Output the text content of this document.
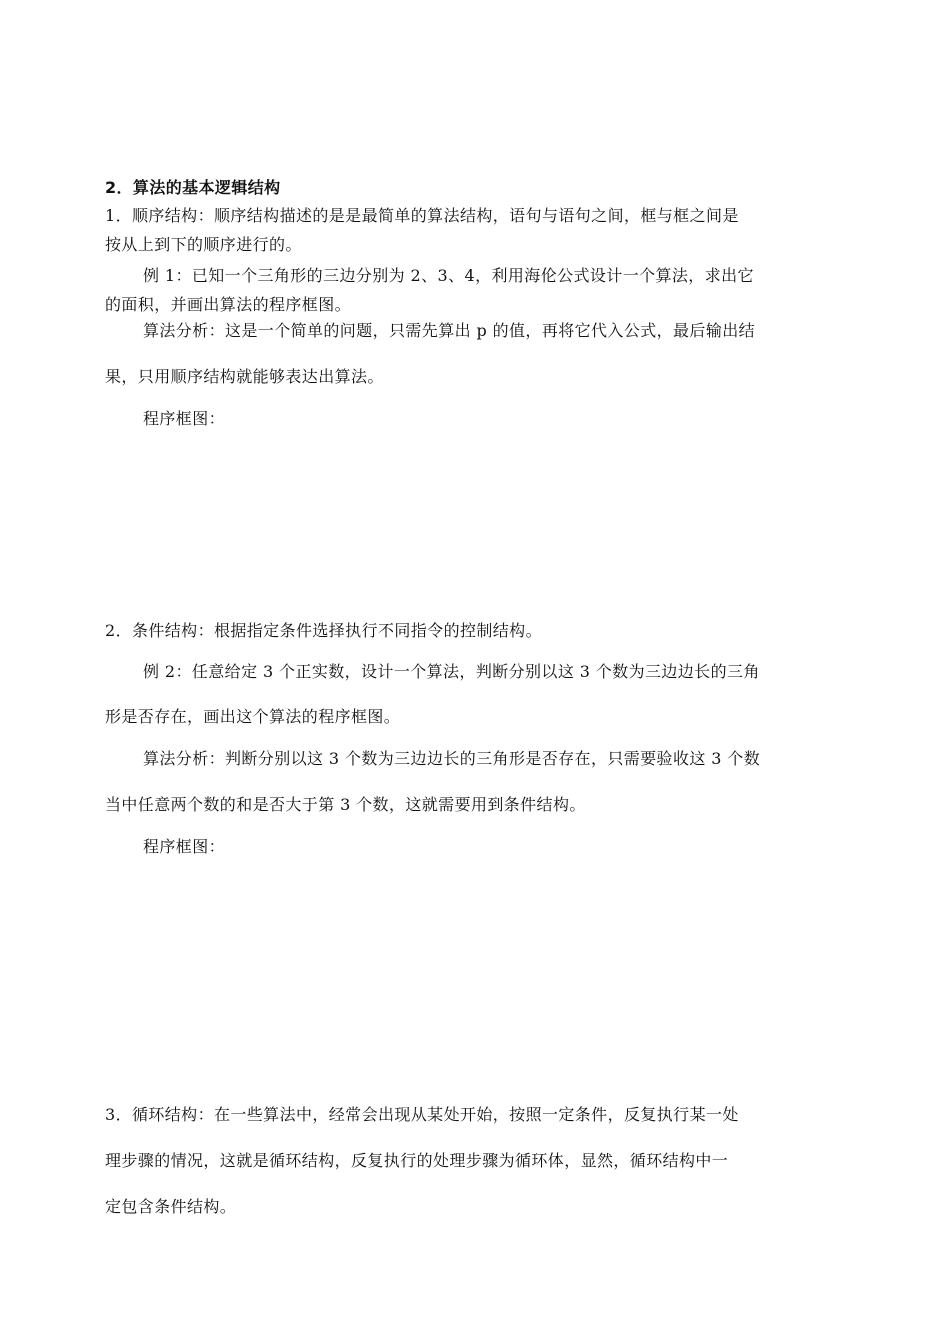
2．算法的基本逻辑结构
1．顺序结构：顺序结构描述的是是最简单的算法结构，语句与语句之间，框与框之间是
按从上到下的顺序进行的。
例 1：已知一个三角形的三边分别为 2、3、4，利用海伦公式设计一个算法，求出它
的面积，并画出算法的程序框图。
算法分析：这是一个简单的问题，只需先算出 p 的值，再将它代入公式，最后输出结
果，只用顺序结构就能够表达出算法。
程序框图：
2．条件结构：根据指定条件选择执行不同指令的控制结构。
例 2：任意给定 3 个正实数，设计一个算法，判断分别以这 3 个数为三边边长的三角
形是否存在，画出这个算法的程序框图。
算法分析：判断分别以这 3 个数为三边边长的三角形是否存在，只需要验收这 3 个数
当中任意两个数的和是否大于第 3 个数，这就需要用到条件结构。
程序框图：
3．循环结构：在一些算法中，经常会出现从某处开始，按照一定条件，反复执行某一处
理步骤的情况，这就是循环结构，反复执行的处理步骤为循环体，显然，循环结构中一
定包含条件结构。
